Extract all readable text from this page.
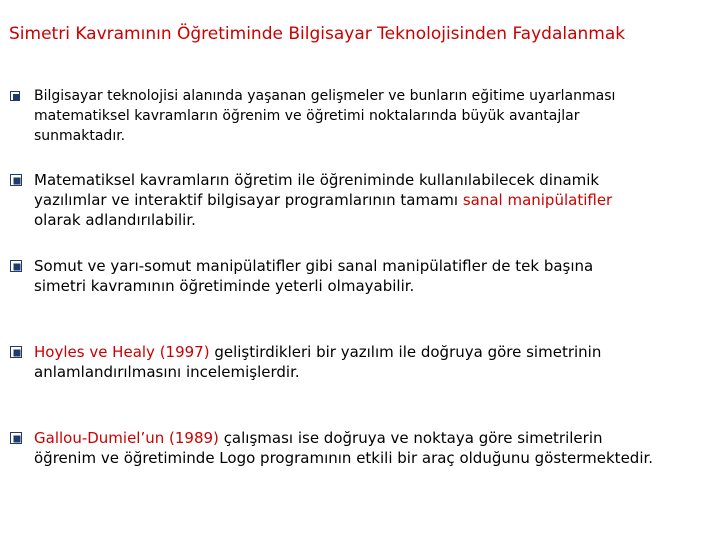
Simetri Kavramının Öğretiminde Bilgisayar Teknolojisinden Faydalanmak
Bilgisayar teknolojisi alanında yaşanan gelişmeler ve bunların eğitime uyarlanması
matematiksel kavramların öğrenim ve öğretimi noktalarında büyük avantajlar
sunmaktadır.
Matematiksel kavramların öğretim ile öğreniminde kullanılabilecek dinamik
yazılımlar ve interaktif bilgisayar programlarının tamamı sanal manipülatifler
olarak adlandırılabilir.
Somut ve yarı-somut manipülatifler gibi sanal manipülatifler de tek başına
simetri kavramının öğretiminde yeterli olmayabilir.
Hoyles ve Healy (1997) geliştirdikleri bir yazılım ile doğruya göre simetrinin
anlamlandırılmasını incelemişlerdir.
Gallou-Dumiel’un (1989) çalışması ise doğruya ve noktaya göre simetrilerin
öğrenim ve öğretiminde Logo programının etkili bir araç olduğunu göstermektedir.
